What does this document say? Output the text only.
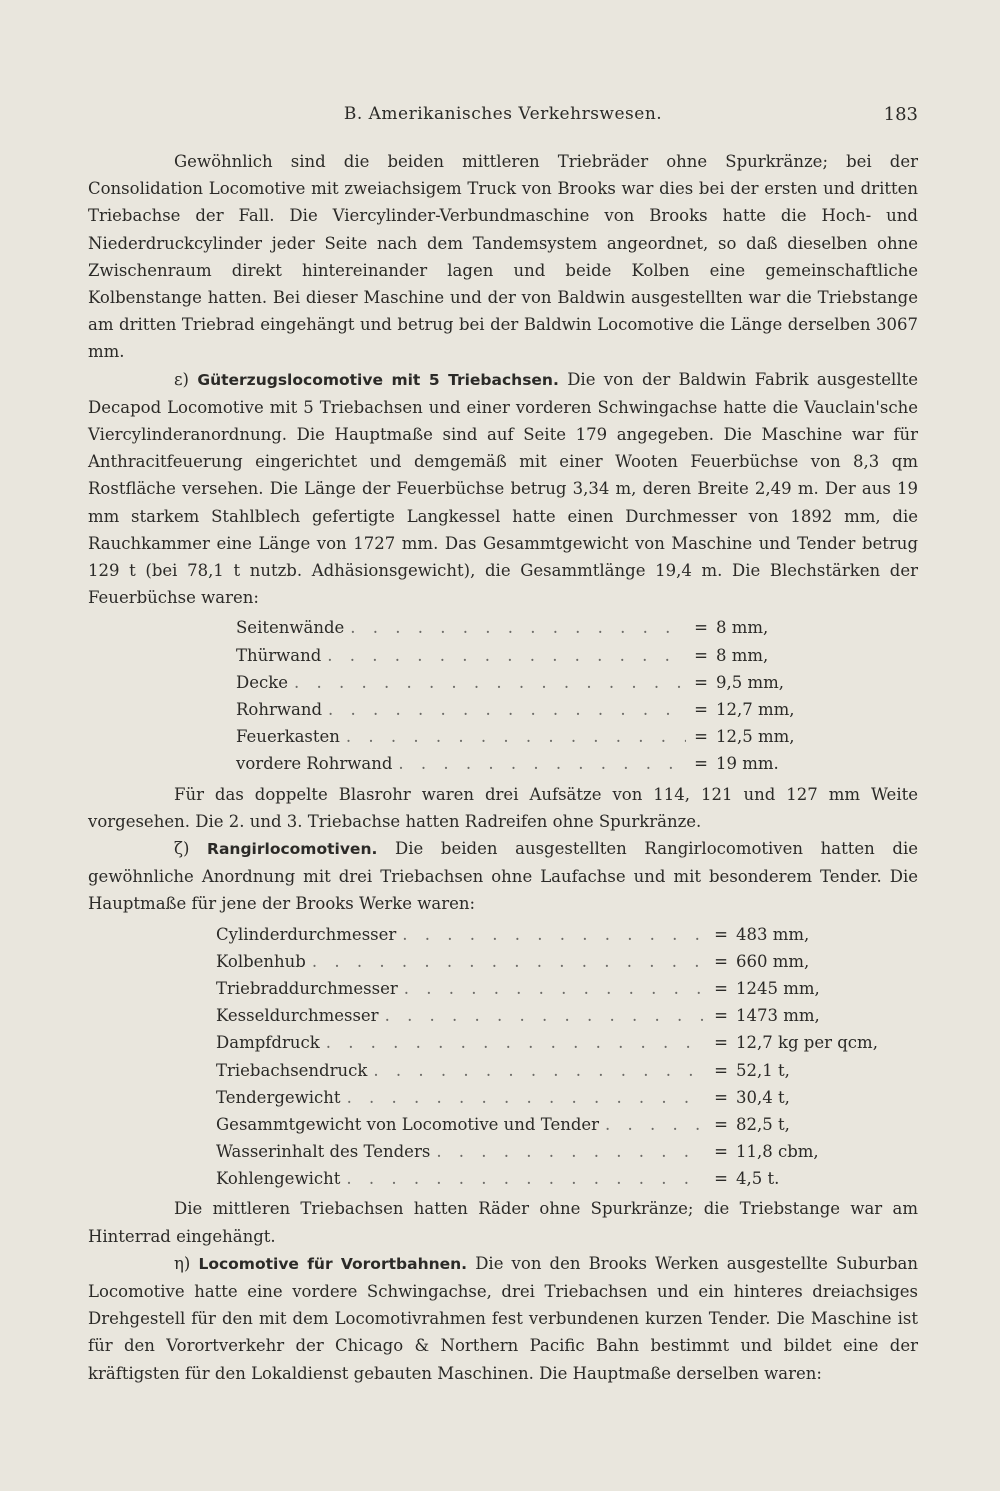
B. Amerikanisches Verkehrswesen.	183

Gewöhnlich sind die beiden mittleren Triebräder ohne Spurkränze; bei der Consolidation Locomotive mit zweiachsigem Truck von Brooks war dies bei der ersten und dritten Triebachse der Fall. Die Viercylinder-Verbundmaschine von Brooks hatte die Hoch- und Niederdruckcylinder jeder Seite nach dem Tandemsystem angeordnet, so daß dieselben ohne Zwischenraum direkt hintereinander lagen und beide Kolben eine gemeinschaftliche Kolbenstange hatten. Bei dieser Maschine und der von Baldwin ausgestellten war die Triebstange am dritten Triebrad eingehängt und betrug bei der Baldwin Locomotive die Länge derselben 3067 mm.

ε) Güterzugslocomotive mit 5 Triebachsen. Die von der Baldwin Fabrik ausgestellte Decapod Locomotive mit 5 Triebachsen und einer vorderen Schwingachse hatte die Vauclain'sche Viercylinderanordnung. Die Hauptmaße sind auf Seite 179 angegeben. Die Maschine war für Anthracitfeuerung eingerichtet und demgemäß mit einer Wooten Feuerbüchse von 8,3 qm Rostfläche versehen. Die Länge der Feuerbüchse betrug 3,34 m, deren Breite 2,49 m. Der aus 19 mm starkem Stahlblech gefertigte Langkessel hatte einen Durchmesser von 1892 mm, die Rauchkammer eine Länge von 1727 mm. Das Gesammtgewicht von Maschine und Tender betrug 129 t (bei 78,1 t nutzb. Adhäsionsgewicht), die Gesammtlänge 19,4 m. Die Blechstärken der Feuerbüchse waren:

Seitenwände . . .	= 8 mm,
Thürwand . . .	= 8 mm,
Decke . . .	= 9,5 mm,
Rohrwand . . .	= 12,7 mm,
Feuerkasten . . .	= 12,5 mm,
vordere Rohrwand . . .	= 19 mm.

Für das doppelte Blasrohr waren drei Aufsätze von 114, 121 und 127 mm Weite vorgesehen. Die 2. und 3. Triebachse hatten Radreifen ohne Spurkränze.

ζ) Rangirlocomotiven. Die beiden ausgestellten Rangirlocomotiven hatten die gewöhnliche Anordnung mit drei Triebachsen ohne Laufachse und mit besonderem Tender. Die Hauptmaße für jene der Brooks Werke waren:

Cylinderdurchmesser . . .	= 483 mm,
Kolbenhub . . .	= 660 mm,
Triebraddurchmesser . . .	= 1245 mm,
Kesseldurchmesser . . .	= 1473 mm,
Dampfdruck . . .	= 12,7 kg per qcm,
Triebachsendruck . . .	= 52,1 t,
Tendergewicht . . .	= 30,4 t,
Gesammtgewicht von Locomotive und Tender . . .	= 82,5 t,
Wasserinhalt des Tenders . . .	= 11,8 cbm,
Kohlengewicht . . .	= 4,5 t.

Die mittleren Triebachsen hatten Räder ohne Spurkränze; die Triebstange war am Hinterrad eingehängt.

η) Locomotive für Vorortbahnen. Die von den Brooks Werken ausgestellte Suburban Locomotive hatte eine vordere Schwingachse, drei Triebachsen und ein hinteres dreiachsiges Drehgestell für den mit dem Locomotivrahmen fest verbundenen kurzen Tender. Die Maschine ist für den Vorortverkehr der Chicago & Northern Pacific Bahn bestimmt und bildet eine der kräftigsten für den Lokaldienst gebauten Maschinen. Die Hauptmaße derselben waren:
